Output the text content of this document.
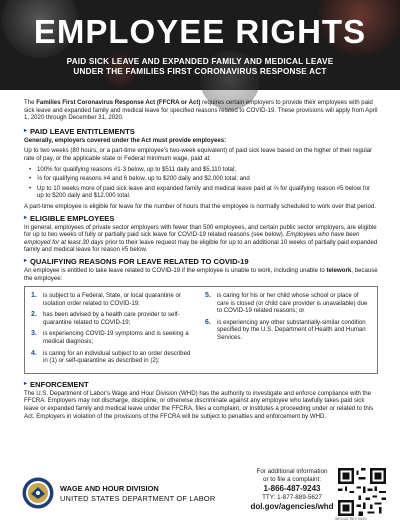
EMPLOYEE RIGHTS
PAID SICK LEAVE AND EXPANDED FAMILY AND MEDICAL LEAVE
UNDER THE FAMILIES FIRST CORONAVIRUS RESPONSE ACT

The Families First Coronavirus Response Act (FFCRA or Act) requires certain employers to provide their employees with paid sick leave and expanded family and medical leave for specified reasons related to COVID-19. These provisions will apply from April 1, 2020 through December 31, 2020.

▸ PAID LEAVE ENTITLEMENTS
Generally, employers covered under the Act must provide employees:

Up to two weeks (80 hours, or a part-time employee’s two-week equivalent) of paid sick leave based on the higher of their regular rate of pay, or the applicable state or Federal minimum wage, paid at:

• 100% for qualifying reasons #1-3 below, up to $511 daily and $5,110 total;
• ⅔ for qualifying reasons #4 and 6 below, up to $200 daily and $2,000 total; and
• Up to 10 weeks more of paid sick leave and expanded family and medical leave paid at ⅔ for qualifying reason #5 below for up to $200 daily and $12,000 total.

A part-time employee is eligible for leave for the number of hours that the employee is normally scheduled to work over that period.

▸ ELIGIBLE EMPLOYEES

In general, employees of private sector employers with fewer than 500 employees, and certain public sector employers, are eligible for up to two weeks of fully or partially paid sick leave for COVID-19 related reasons (see below). Employees who have been employed for at least 30 days prior to their leave request may be eligible for up to an additional 10 weeks of partially paid expanded family and medical leave for reason #5 below.

▸ QUALIFYING REASONS FOR LEAVE RELATED TO COVID-19

An employee is entitled to take leave related to COVID-19 if the employee is unable to work, including unable to telework, because the employee:

1.	is subject to a Federal, State, or local quarantine or isolation order related to COVID-19;
2.	has been advised by a health care provider to self-quarantine related to COVID-19;
3.	is experiencing COVID-19 symptoms and is seeking a medical diagnosis;
4.	is caring for an individual subject to an order described in (1) or self-quarantine as described in (2);
5.	is caring for his or her child whose school or place of care is closed (or child care provider is unavailable) due to COVID-19 related reasons; or
6.	is experiencing any other substantially-similar condition specified by the U.S. Department of Health and Human Services.
▸ ENFORCEMENT

The U.S. Department of Labor’s Wage and Hour Division (WHD) has the authority to investigate and enforce compliance with the FFCRA. Employers may not discharge, discipline, or otherwise discriminate against any employee who lawfully takes paid sick leave or expanded family and medical leave under the FFCRA, files a complaint, or institutes a proceeding under or related to this Act. Employers in violation of the provisions of the FFCRA will be subject to penalties and enforcement by WHD.

WAGE AND HOUR DIVISION
UNITED STATES DEPARTMENT OF LABOR
For additional information
or to file a complaint:
1-866-487-9243
TTY: 1-877-889-5627
dol.gov/agencies/whd
WH1422 REV 03/20
